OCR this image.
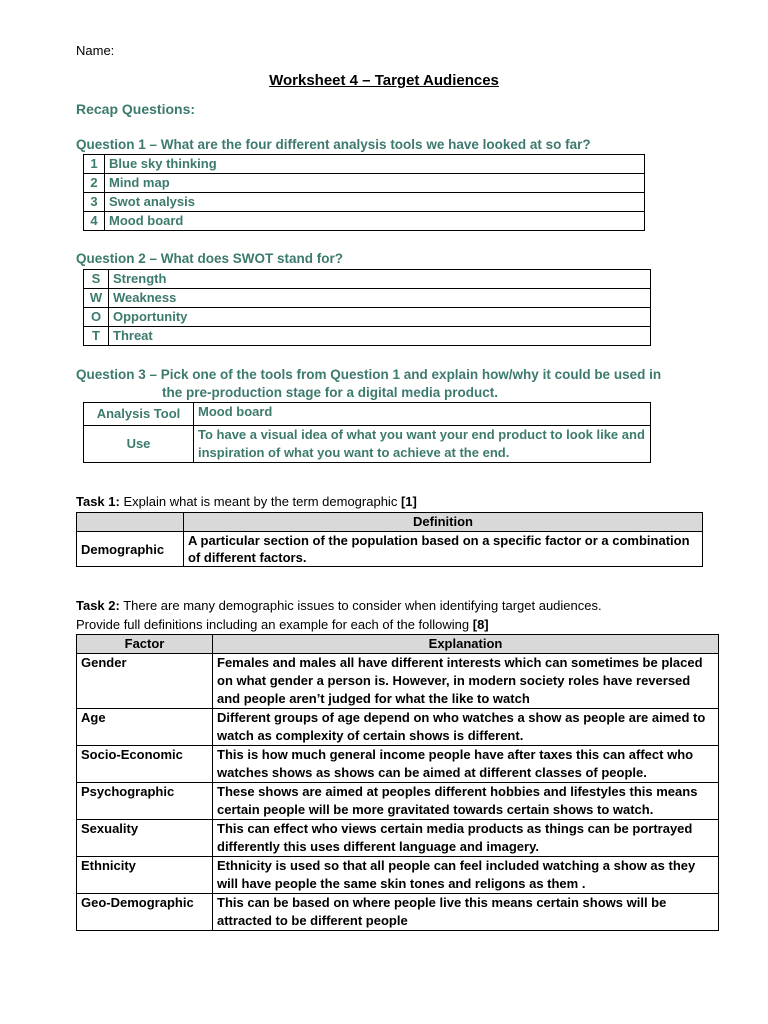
Name:
Worksheet 4 – Target Audiences
Recap Questions:
Question 1 – What are the four different analysis tools we have looked at so far?
1	Blue sky thinking
2	Mind map
3	Swot analysis
4	Mood board
Question 2 – What does SWOT stand for?
S	Strength
W	Weakness
O	Opportunity
T	Threat
Question 3 – Pick one of the tools from Question 1 and explain how/why it could be used in
the pre-production stage for a digital media product.
Analysis Tool	Mood board
Use	To have a visual idea of what you want your end product to look like and inspiration of what you want to achieve at the end.
Task 1: Explain what is meant by the term demographic [1]
	Definition
Demographic	A particular section of the population based on a specific factor or a combination of different factors.
Task 2: There are many demographic issues to consider when identifying target audiences.
Provide full definitions including an example for each of the following [8]
Factor	Explanation
Gender	Females and males all have different interests which can sometimes be placed on what gender a person is. However, in modern society roles have reversed and people aren’t judged for what the like to watch
Age	Different groups of age depend on who watches a show as people are aimed to watch as complexity of certain shows is different.
Socio-Economic	This is how much general income people have after taxes this can affect who watches shows as shows can be aimed at different classes of people.
Psychographic	These shows are aimed at peoples different hobbies and lifestyles this means certain people will be more gravitated towards certain shows to watch.
Sexuality	This can effect who views certain media products as things can be portrayed differently this uses different language and imagery.
Ethnicity	Ethnicity is used so that all people can feel included watching a show as they will have people the same skin tones and religons as them .
Geo-Demographic	This can be based on where people live this means certain shows will be attracted to be different people
